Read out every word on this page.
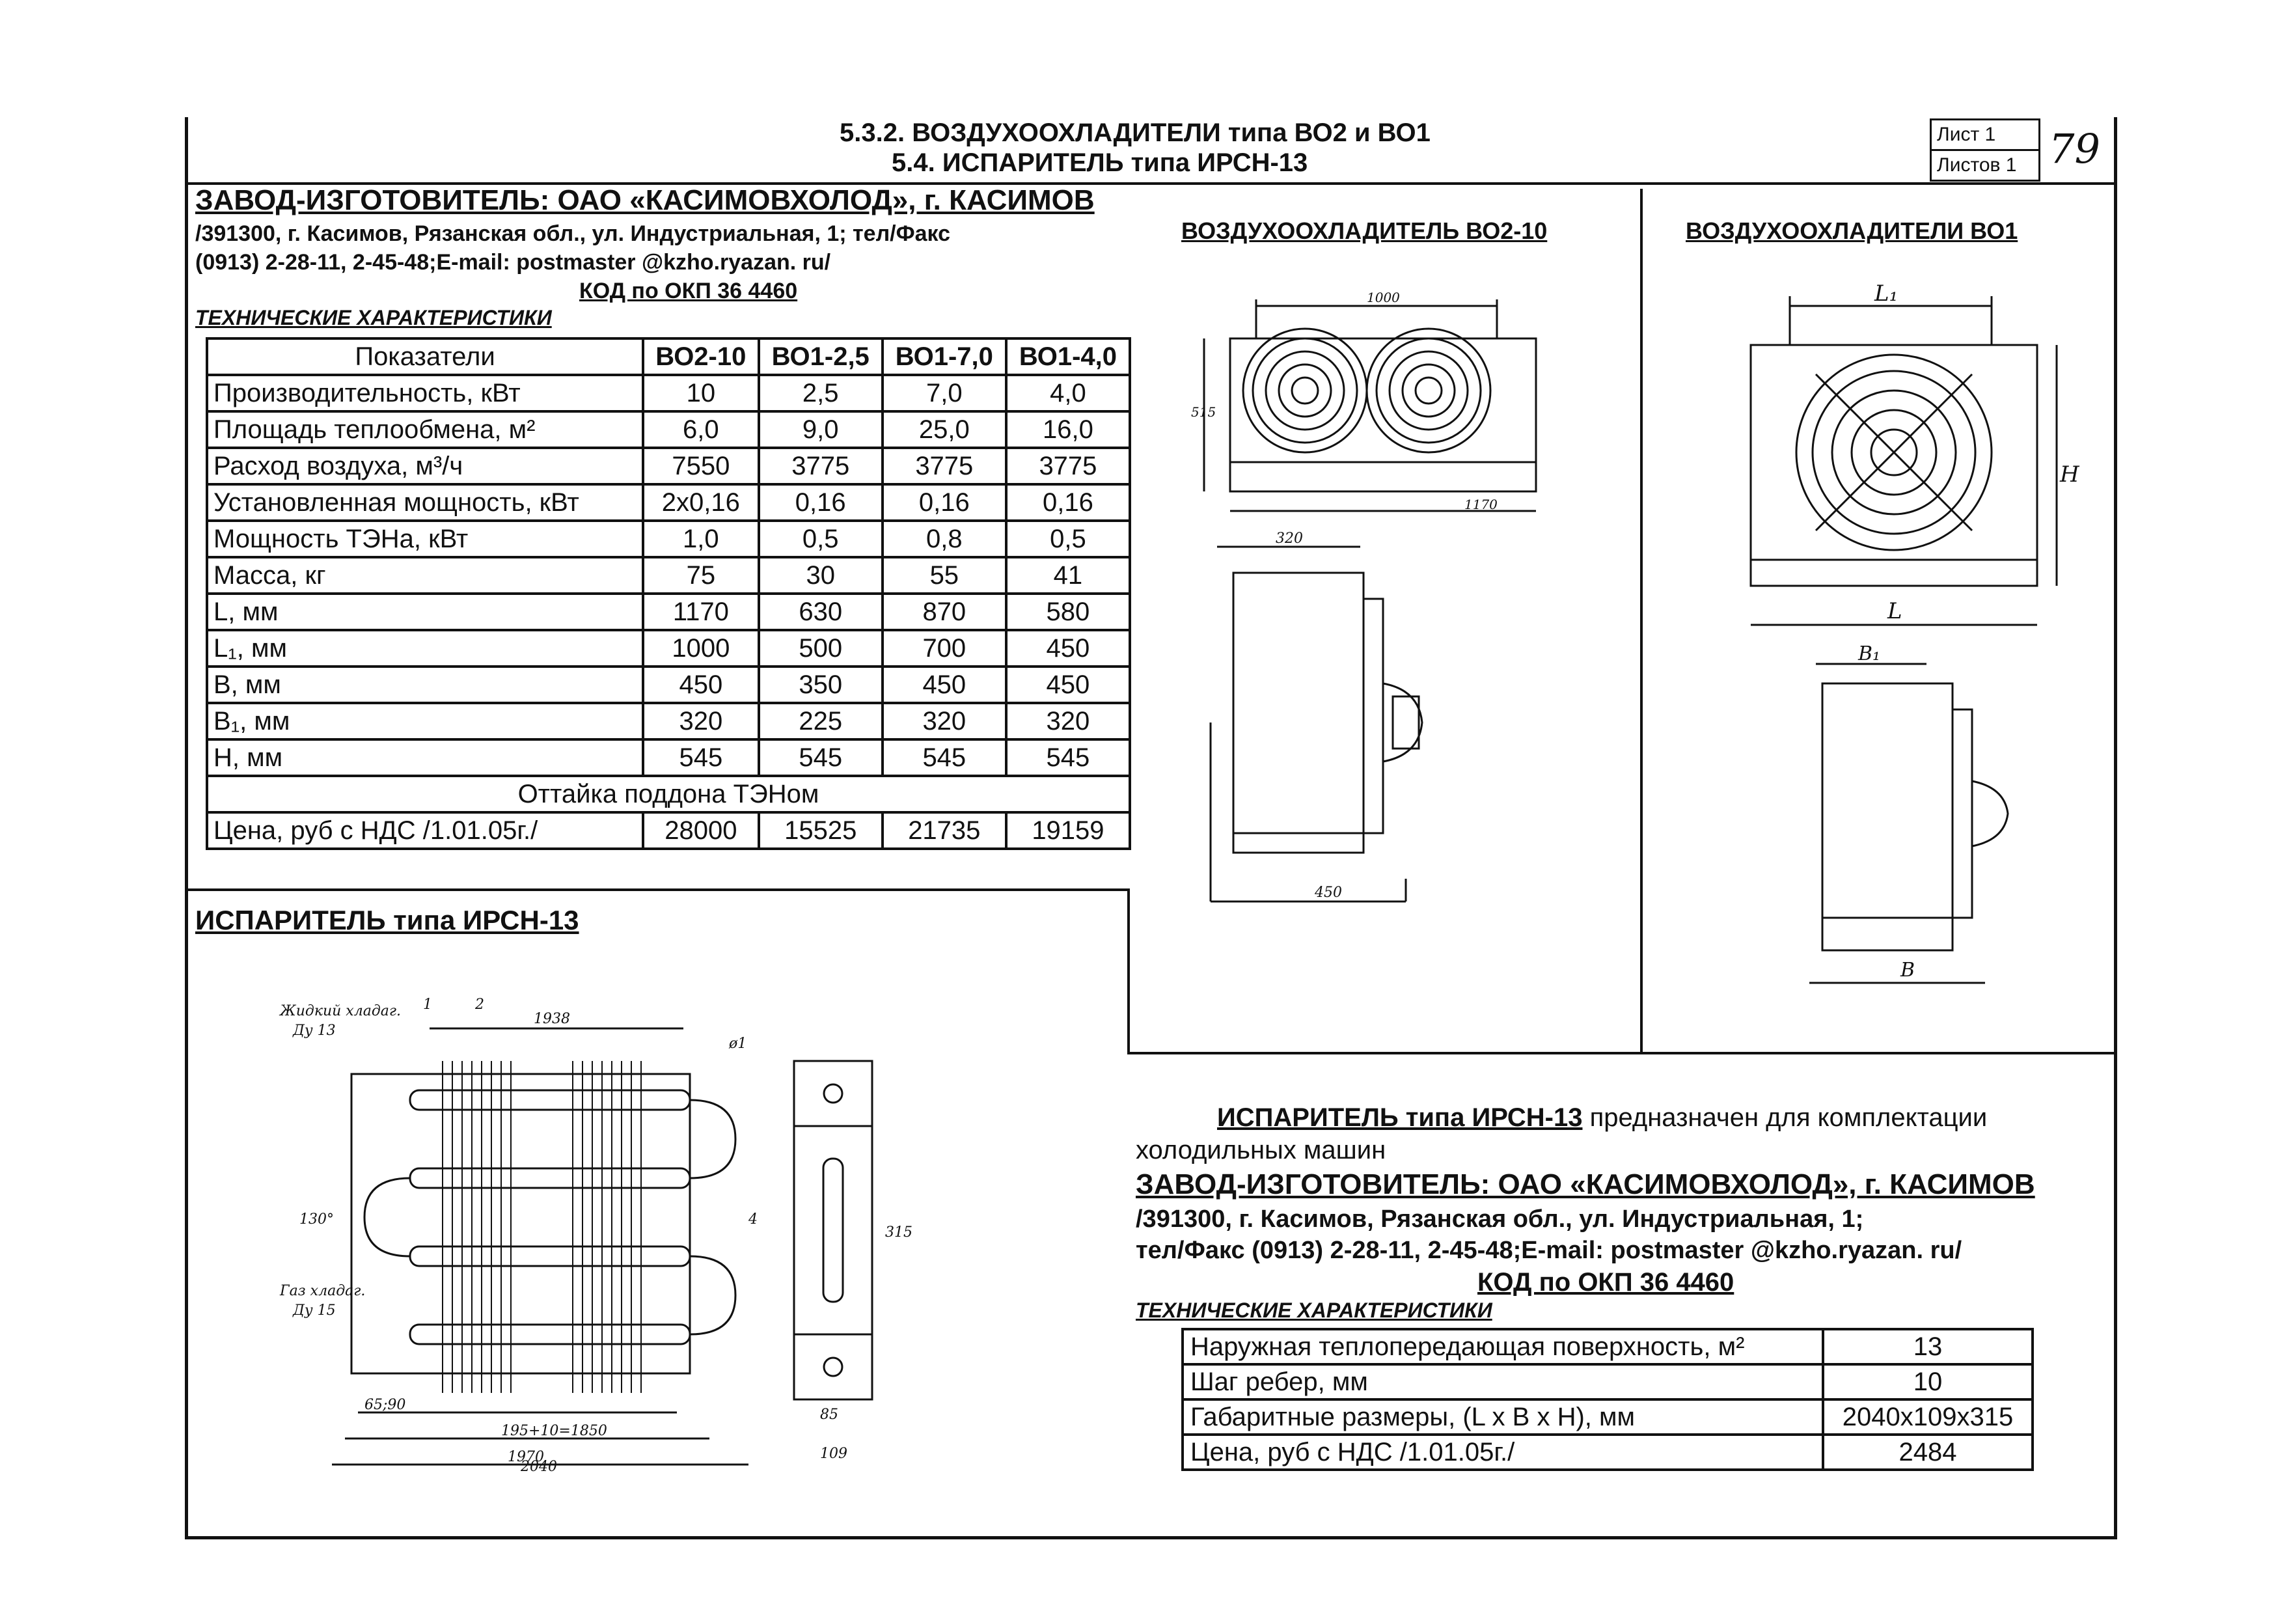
5.3.2. ВОЗДУХООХЛАДИТЕЛИ типа ВО2 и ВО1
5.4. ИСПАРИТЕЛЬ типа ИРСН-13
Лист 1
Листов 1 79
ЗАВОД-ИЗГОТОВИТЕЛЬ: ОАО «КАСИМОВХОЛОД», г. КАСИМОВ
/391300, г. Касимов, Рязанская обл., ул. Индустриальная, 1; тел/Факс
(0913) 2-28-11, 2-45-48;E-mail: postmaster @kzho.ryazan. ru/
КОД по ОКП 36 4460
ТЕХНИЧЕСКИЕ ХАРАКТЕРИСТИКИ
Показатели	ВО2-10	ВО1-2,5	ВО1-7,0	ВО1-4,0
Производительность, кВт	10	2,5	7,0	4,0
Площадь теплообмена, м²	6,0	9,0	25,0	16,0
Расход воздуха, м³/ч	7550	3775	3775	3775
Установленная мощность, кВт	2х0,16	0,16	0,16	0,16
Мощность ТЭНа, кВт	1,0	0,5	0,8	0,5
Масса, кг	75	30	55	41
L, мм	1170	630	870	580
L₁, мм	1000	500	700	450
B, мм	450	350	450	450
B₁, мм	320	225	320	320
H, мм	545	545	545	545
Оттайка поддона ТЭНом				
Цена, руб с НДС /1.01.05г./	28000	15525	21735	19159
ВОЗДУХООХЛАДИТЕЛЬ ВО2-10	ВОЗДУХООХЛАДИТЕЛИ ВО1
ИСПАРИТЕЛЬ типа ИРСН-13
1000
515
1170
320
450
L₁
H
L
B₁
B
1938
130°
65;90
195+10=1850
1970
2040
315
85
109
1	2
4
Жидкий хладаг.
Ду 13
Газ хладаг.
Ду 15
ø1
ИСПАРИТЕЛЬ типа ИРСН-13 предназначен для комплектации
холодильных машин
ЗАВОД-ИЗГОТОВИТЕЛЬ: ОАО «КАСИМОВХОЛОД», г. КАСИМОВ
/391300, г. Касимов, Рязанская обл., ул. Индустриальная, 1;
тел/Факс (0913) 2-28-11, 2-45-48;E-mail: postmaster @kzho.ryazan. ru/
КОД по ОКП 36 4460
ТЕХНИЧЕСКИЕ ХАРАКТЕРИСТИКИ
Наружная теплопередающая поверхность, м²	13
Шаг ребер, мм	10
Габаритные размеры, (L x B x H), мм	2040х109х315
Цена, руб с НДС /1.01.05г./	2484
